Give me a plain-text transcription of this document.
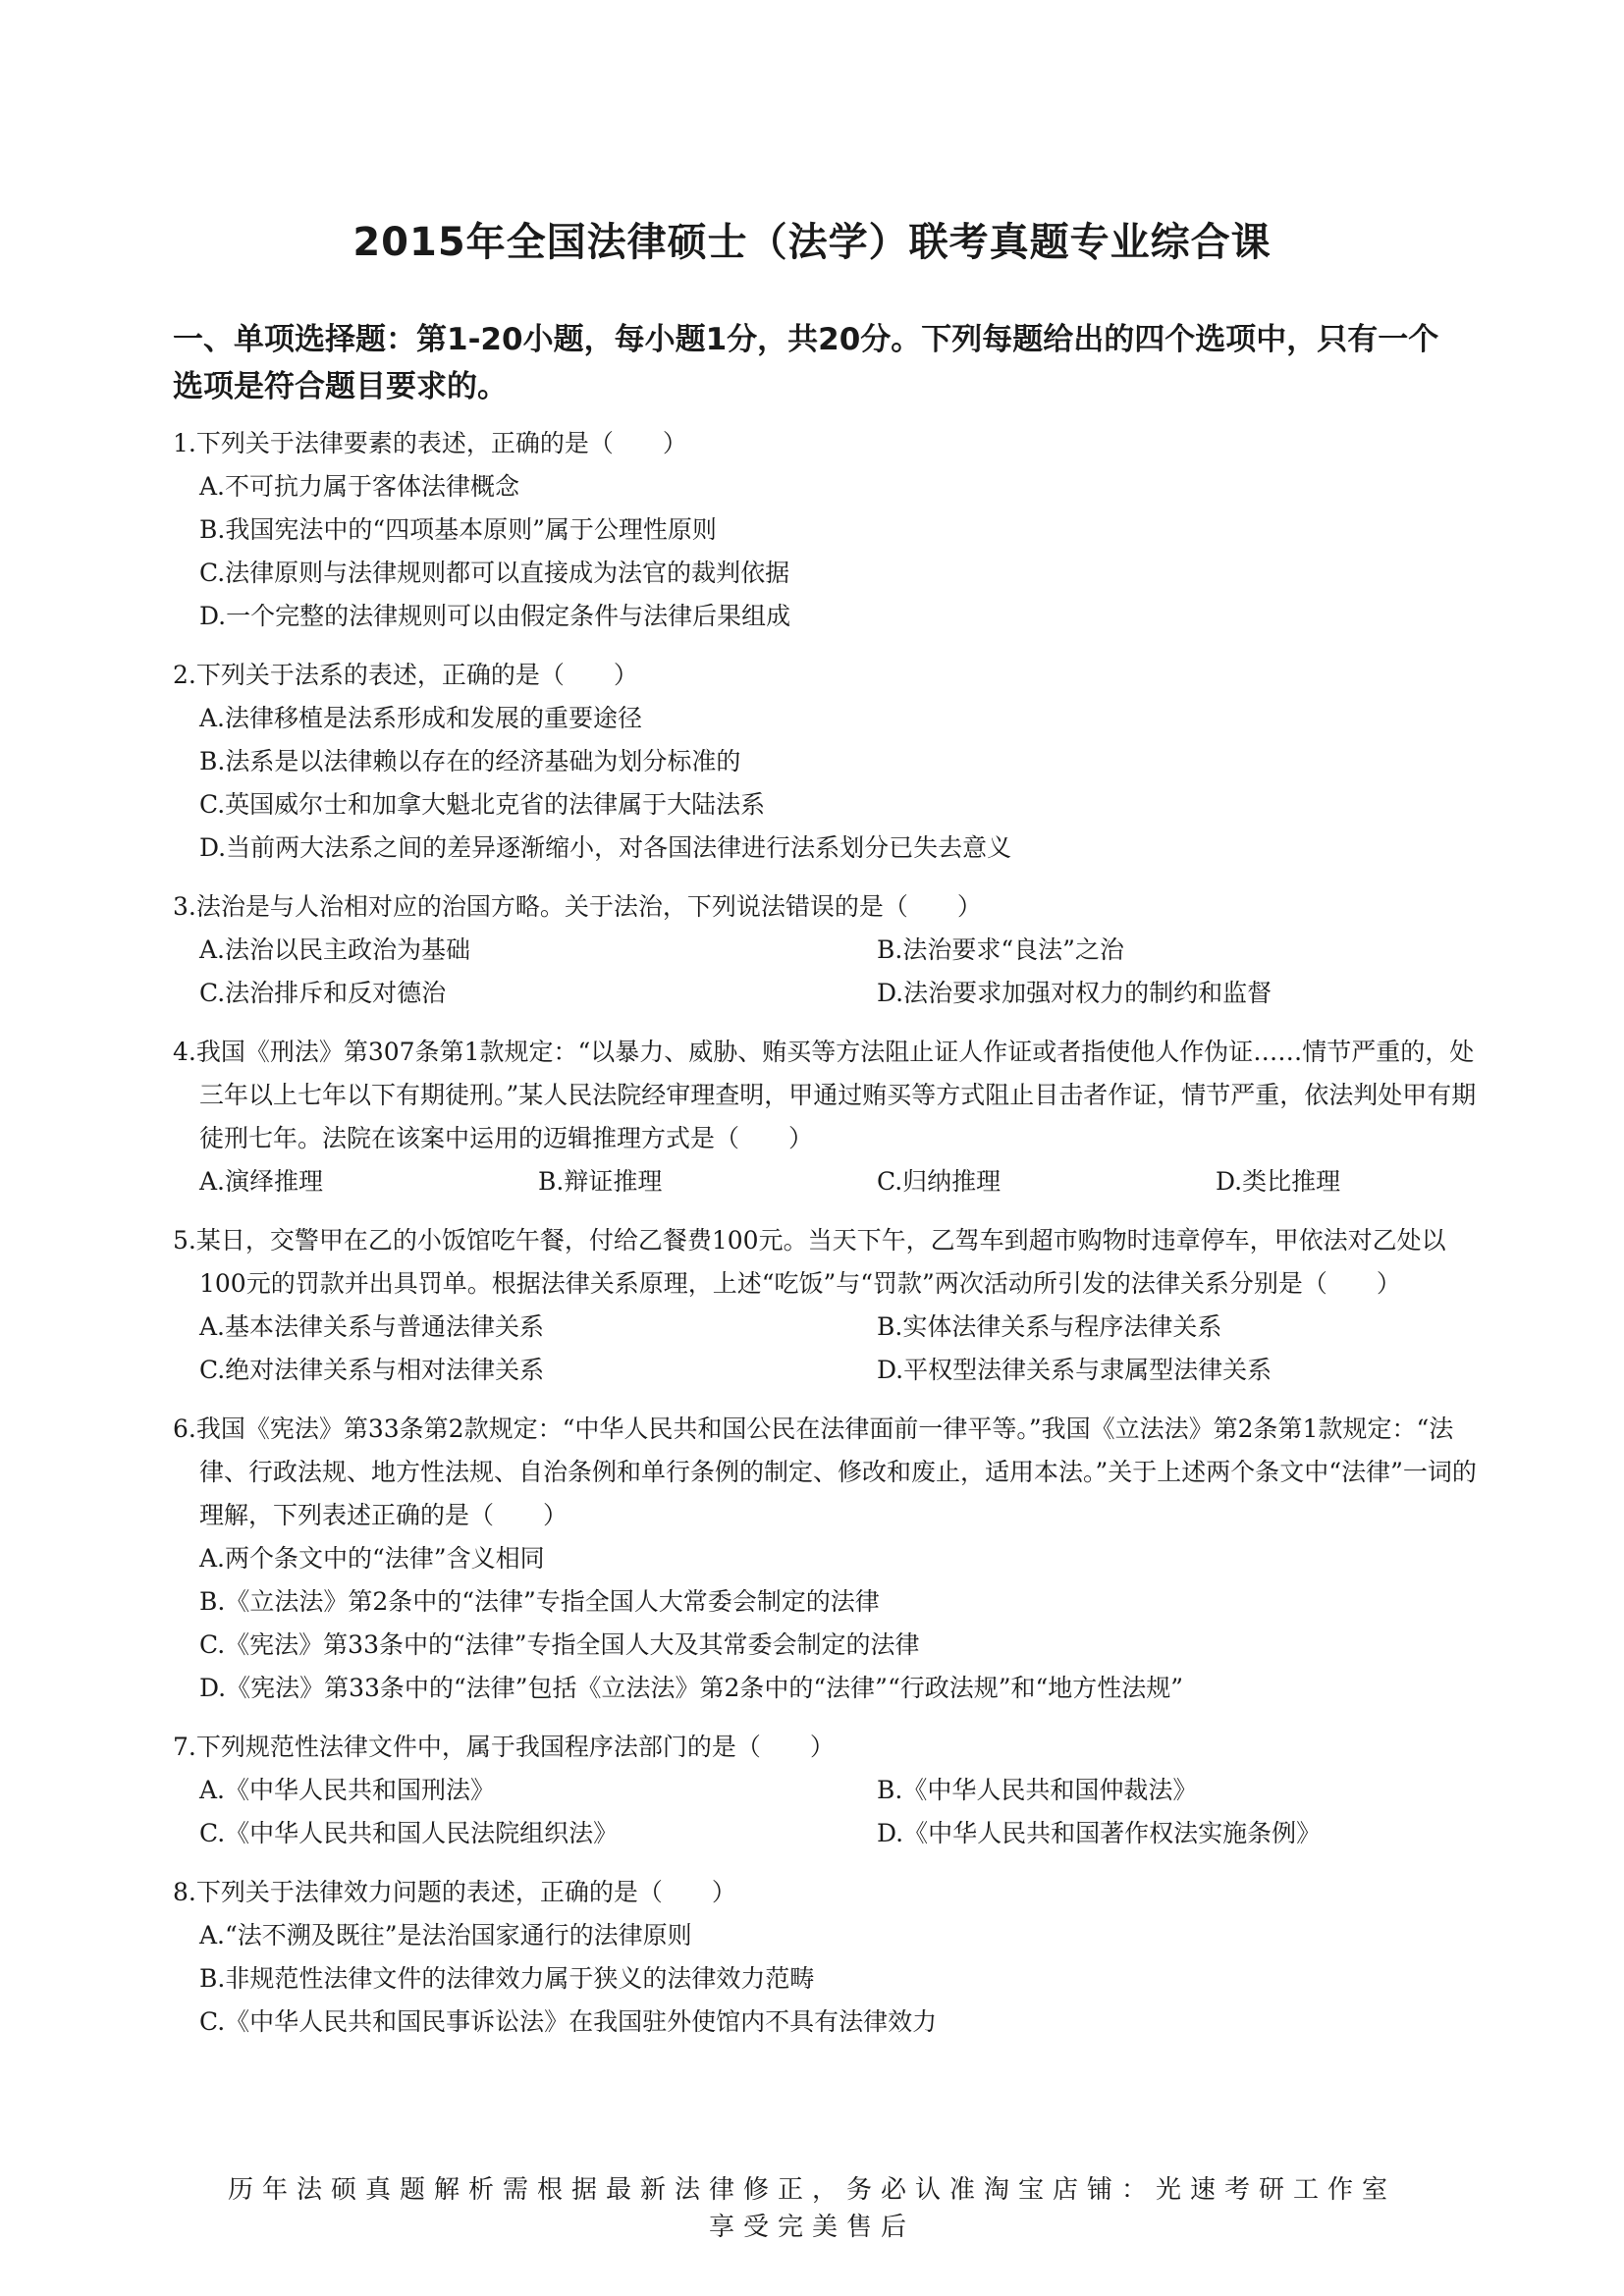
2015年全国法律硕士（法学）联考真题专业综合课
一、单项选择题：第1-20小题，每小题1分，共20分。下列每题给出的四个选项中，只有一个选项是符合题目要求的。
1.下列关于法律要素的表述，正确的是（　　）
A.不可抗力属于客体法律概念
B.我国宪法中的“四项基本原则”属于公理性原则
C.法律原则与法律规则都可以直接成为法官的裁判依据
D.一个完整的法律规则可以由假定条件与法律后果组成
2.下列关于法系的表述，正确的是（　　）
A.法律移植是法系形成和发展的重要途径
B.法系是以法律赖以存在的经济基础为划分标准的
C.英国威尔士和加拿大魁北克省的法律属于大陆法系
D.当前两大法系之间的差异逐渐缩小，对各国法律进行法系划分已失去意义
3.法治是与人治相对应的治国方略。关于法治，下列说法错误的是（　　）
A.法治以民主政治为基础	B.法治要求“良法”之治
C.法治排斥和反对德治	D.法治要求加强对权力的制约和监督
4.我国《刑法》第307条第1款规定：“以暴力、威胁、贿买等方法阻止证人作证或者指使他人作伪证……情节严重的，处三年以上七年以下有期徒刑。”某人民法院经审理查明，甲通过贿买等方式阻止目击者作证，情节严重，依法判处甲有期徒刑七年。法院在该案中运用的迈辑推理方式是（　　）
A.演绎推理	B.辩证推理	C.归纳推理	D.类比推理
5.某日，交警甲在乙的小饭馆吃午餐，付给乙餐费100元。当天下午，乙驾车到超市购物时违章停车，甲依法对乙处以100元的罚款并出具罚单。根据法律关系原理，上述“吃饭”与“罚款”两次活动所引发的法律关系分别是（　　）
A.基本法律关系与普通法律关系	B.实体法律关系与程序法律关系
C.绝对法律关系与相对法律关系	D.平权型法律关系与隶属型法律关系
6.我国《宪法》第33条第2款规定：“中华人民共和国公民在法律面前一律平等。”我国《立法法》第2条第1款规定：“法律、行政法规、地方性法规、自治条例和单行条例的制定、修改和废止，适用本法。”关于上述两个条文中“法律”一词的理解，下列表述正确的是（　　）
A.两个条文中的“法律”含义相同
B.《立法法》第2条中的“法律”专指全国人大常委会制定的法律
C.《宪法》第33条中的“法律”专指全国人大及其常委会制定的法律
D.《宪法》第33条中的“法律”包括《立法法》第2条中的“法律”“行政法规”和“地方性法规”
7.下列规范性法律文件中，属于我国程序法部门的是（　　）
A.《中华人民共和国刑法》	B.《中华人民共和国仲裁法》
C.《中华人民共和国人民法院组织法》	D.《中华人民共和国著作权法实施条例》
8.下列关于法律效力问题的表述，正确的是（　　）
A.“法不溯及既往”是法治国家通行的法律原则
B.非规范性法律文件的法律效力属于狭义的法律效力范畴
C.《中华人民共和国民事诉讼法》在我国驻外使馆内不具有法律效力
历年法硕真题解析需根据最新法律修正，务必认准淘宝店铺：光速考研工作室
享受完美售后
